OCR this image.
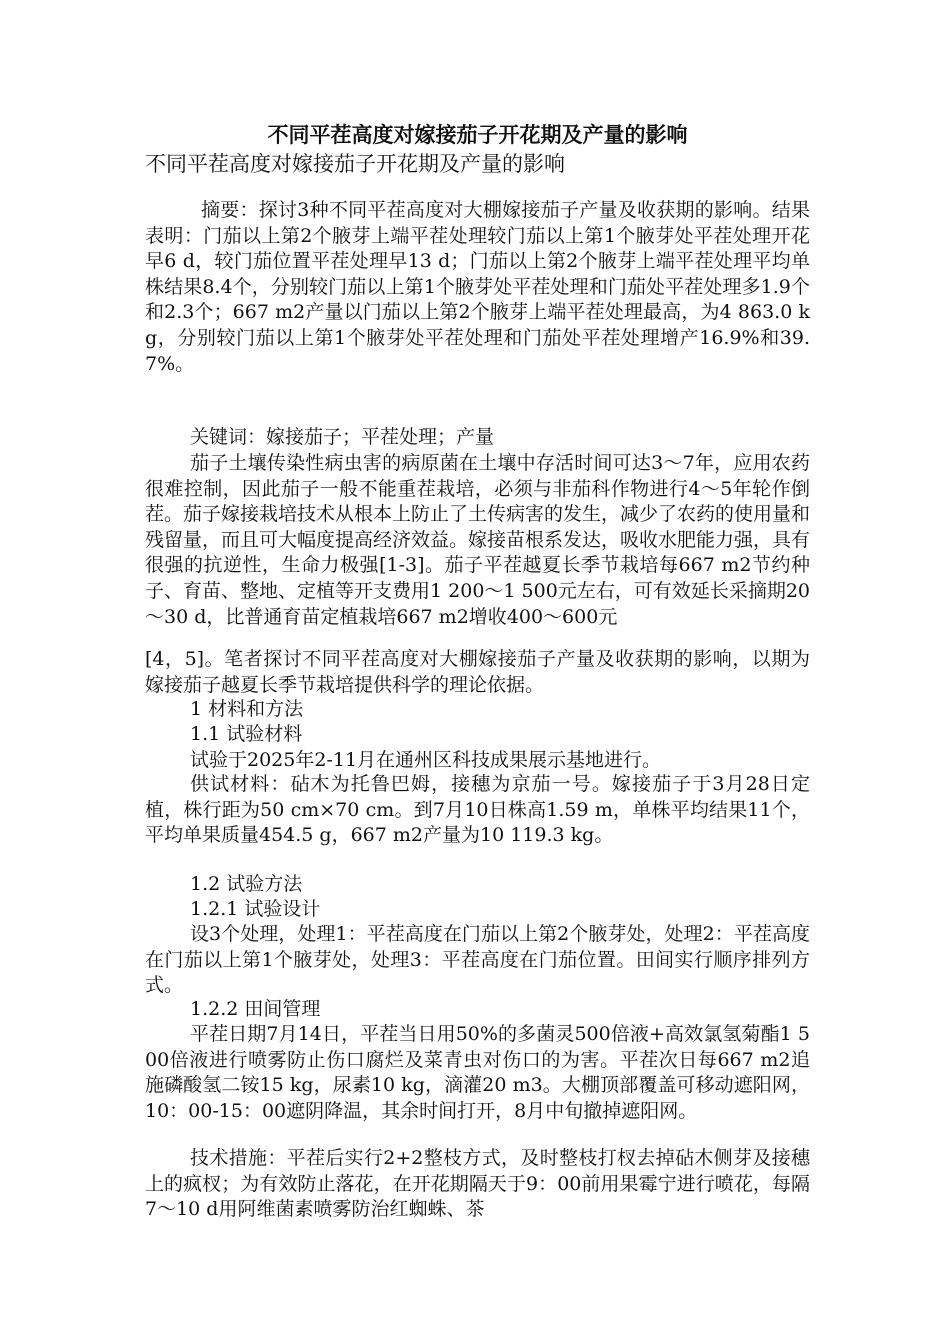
不同平茬高度对嫁接茄子开花期及产量的影响
不同平茬高度对嫁接茄子开花期及产量的影响

摘要：探讨3种不同平茬高度对大棚嫁接茄子产量及收获期的影响。结果表明：门茄以上第2个腋芽上端平茬处理较门茄以上第1个腋芽处平茬处理开花早6 d，较门茄位置平茬处理早13 d；门茄以上第2个腋芽上端平茬处理平均单株结果8.4个，分别较门茄以上第1个腋芽处平茬处理和门茄处平茬处理多1.9个和2.3个；667 m2产量以门茄以上第2个腋芽上端平茬处理最高，为4 863.0 kg，分别较门茄以上第1个腋芽处平茬处理和门茄处平茬处理增产16.9%和39.7%。

关键词：嫁接茄子；平茬处理；产量

茄子土壤传染性病虫害的病原菌在土壤中存活时间可达3～7年，应用农药很难控制，因此茄子一般不能重茬栽培，必须与非茄科作物进行4～5年轮作倒茬。茄子嫁接栽培技术从根本上防止了土传病害的发生，减少了农药的使用量和残留量，而且可大幅度提高经济效益。嫁接苗根系发达，吸收水肥能力强，具有很强的抗逆性，生命力极强[1-3]。茄子平茬越夏长季节栽培每667 m2节约种子、育苗、整地、定植等开支费用1 200～1 500元左右，可有效延长采摘期20～30 d，比普通育苗定植栽培667 m2增收400～600元

[4，5]。笔者探讨不同平茬高度对大棚嫁接茄子产量及收获期的影响，以期为嫁接茄子越夏长季节栽培提供科学的理论依据。

1 材料和方法

1.1 试验材料

试验于2025年2-11月在通州区科技成果展示基地进行。

供试材料：砧木为托鲁巴姆，接穗为京茄一号。嫁接茄子于3月28日定植，株行距为50 cm×70 cm。到7月10日株高1.59 m，单株平均结果11个，平均单果质量454.5 g，667 m2产量为10 119.3 kg。

1.2 试验方法

1.2.1 试验设计

设3个处理，处理1：平茬高度在门茄以上第2个腋芽处，处理2：平茬高度在门茄以上第1个腋芽处，处理3：平茬高度在门茄位置。田间实行顺序排列方式。

1.2.2 田间管理

平茬日期7月14日，平茬当日用50%的多菌灵500倍液+高效氯氢菊酯1 500倍液进行喷雾防止伤口腐烂及菜青虫对伤口的为害。平茬次日每667 m2追施磷酸氢二铵15 kg，尿素10 kg，滴灌20 m3。大棚顶部覆盖可移动遮阳网，10：00-15：00遮阴降温，其余时间打开，8月中旬撤掉遮阳网。

技术措施：平茬后实行2+2整枝方式，及时整枝打杈去掉砧木侧芽及接穗上的疯杈；为有效防止落花，在开花期隔天于9：00前用果霉宁进行喷花，每隔7～10 d用阿维菌素喷雾防治红蜘蛛、茶
